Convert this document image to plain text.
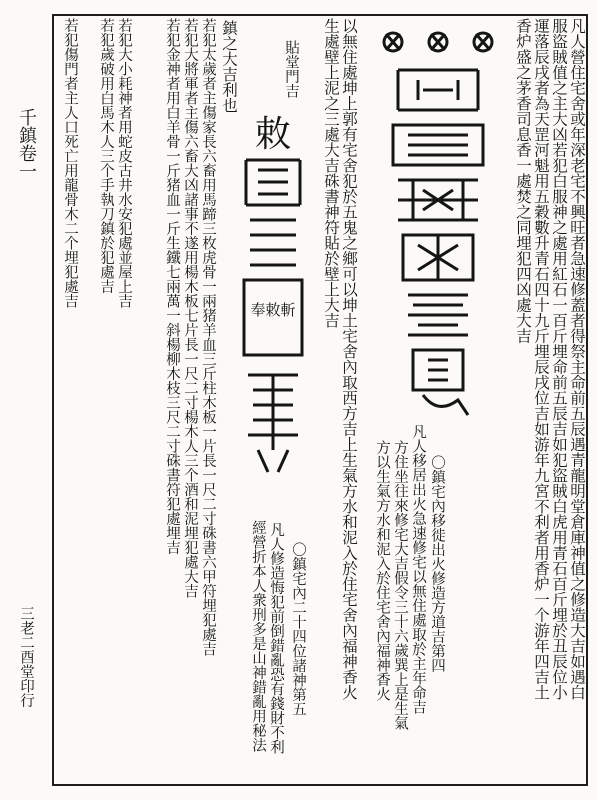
凡人營住宅舍或年深老宅不興旺者急速修蓋者得祭主命前五辰遇青龍明堂倉庫神值之修造大吉如遇白
服盜賊值之主大凶若犯白服神之處用紅石一百斤埋命前五辰吉如犯盜賊白虎用青石百斤埋於丑辰位小
運落辰戌者為天罡河魁用五穀數升青石四十九斤埋辰戌位吉如游年九宮不利者用香炉一个游年四吉土
香炉盛之茅香司息香一處焚之同埋犯四凶處大吉
以無住處坤上郭有宅舍犯於五鬼之鄉可以坤土宅舍內取西方吉上生氣方水和泥入於住宅舍內福神香火
生處壁上泥之三處大吉硃書神符貼於壁上大吉
〇鎮宅內移徙出火修造方道吉第四
凡人移居出火急速修宅以無住處取於主年命吉
方住坐往來修宅大吉假令三十六歲巽上是生氣
方以生氣方水和泥入於住宅舍內福神香火
〇鎮宅內二十四位諸神第五
凡人修造悔犯前倒錯亂恐有錢財不利
經營折本人衆刑多是山神錯亂用秘法
貼堂門吉
敕
奉敕斬
鎮之大吉利也
若犯太歲者主傷家長六畜用馬蹄三枚虎骨一兩猪羊血三斤柱木板一片長一尺二寸硃書六甲符埋犯處吉
若犯大將軍者主傷六畜大凶諸事不遂用楊木板七片長一尺二寸楊木人三个酒和泥埋犯處大吉
若犯金神者用白羊骨一斤猪血一斤生鐵七兩萬一斜楊柳木枝三尺二寸硃書符犯處埋吉
若犯大小耗神者用蛇皮古井水安犯處並屋上吉
若犯歲破用白馬木人三个手執刀鎮於犯處吉
若犯傷門者主人口死亡用龍骨木二个埋犯處吉
千鎮卷一
三老二酉堂印行
